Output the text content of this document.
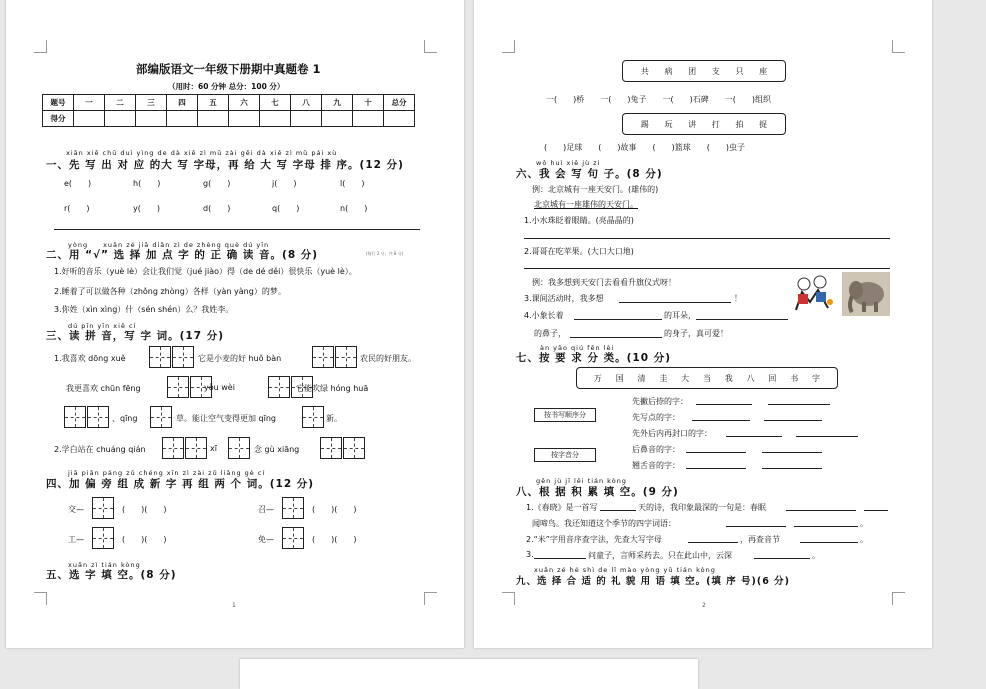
部编版语文一年级下册期中真题卷 1
（用时：60 分钟 总分：100 分）
题号	一	二	三	四	五	六	七	八	九	十	总分
得分											
xiān xiě chū duì yìng de dà xiě zì mǔ zài gěi dà xiě zì mǔ pái xù
一、先 写 出 对 应 的大 写 字母，再 给 大 写 字母 排 序。(12 分)
e(　　)	h(　　)	g(　　)	j(　　)	l(　　)
r(　　)	y(　　)	d(　　)	q(　　)	n(　　)
yòng　　xuǎn zé jiā diǎn zì de zhèng què dú yīn
二、用 “√” 选 择 加 点 字 的 正 确 读 音。(8 分)	(每行 2 分，共 8 分)
1.好听的音乐（yuè lè）会让我们觉（jué jiào）得（de dé děi）很快乐（yuè lè）。
2.睡着了可以做各种（zhǒng zhòng）各样（yàn yàng）的梦。
3.你姓（xìn xìng）什（sén shén）么？我姓李。
dú pīn yīn xiě cí
三、读 拼 音，写 字 词。(17 分)
1.我喜欢 dōng xuě	它是小麦的好 huǒ bàn	农民的好朋友。
我更喜欢 chūn fēng	yǒu wèi	它能吹绿 hóng huā
、qīng	草。能让空气变得更加 qīng	新。
2.学白站在 chuáng qián	xī	念 gù xiāng
jiā piān páng zǔ chéng xīn zì zài zǔ liǎng gè cí
四、加 偏 旁 组 成 新 字 再 组 两 个 词。(12 分)
交—	(　　)(　　)	召—	(　　)(　　)
工—	(　　)(　　)	免—	(　　)(　　)
xuǎn zì tián kòng
五、选 字 填 空。(8 分)
1
共 病 团 支 只 座
一(　　)桥　　一(　　)兔子　　一(　　)石碑　　一(　　)组织
踢 玩 讲 打 拍 捉
(　　)足球　　(　　)故事　　(　　)篮球　　(　　)虫子
wǒ huì xiě jù zi
六、我 会 写 句 子。(8 分)
例：北京城有一座天安门。(雄伟的)
北京城有一座雄伟的天安门。
1.小水珠眨着眼睛。(亮晶晶的)
2.哥哥在吃苹果。(大口大口地)
例：我多想到天安门去看看升旗仪式呀！
3.课间活动时，我多想	！
4.小象长着	的耳朵，
的鼻子，	的身子，真可爱！
àn yāo qiú fēn lèi
七、按 要 求 分 类。(10 分)
万 国 清 圭 大 当 我 八 回 书 字
按书写顺序分
按字音分
先撇后捺的字：
先写点的字：
先外后内再封口的字：
后鼻音的字：
翘舌音的字：
gēn jù jī lěi tián kòng
八、根 据 积 累 填 空。(9 分)
1.《春晓》是一首写	天的诗，我印象最深的一句是：春眠
闻啼鸟。我还知道这个季节的四字词语：	。
2.“米”字用音序查字法，先查大写字母	，再查音节	。
3.	问童子，言师采药去。只在此山中，云深	。
xuǎn zé hé shì de lǐ mào yòng yǔ tián kòng
九、选 择 合 适 的 礼 貌 用 语 填 空。(填 序 号)(6 分)
2
